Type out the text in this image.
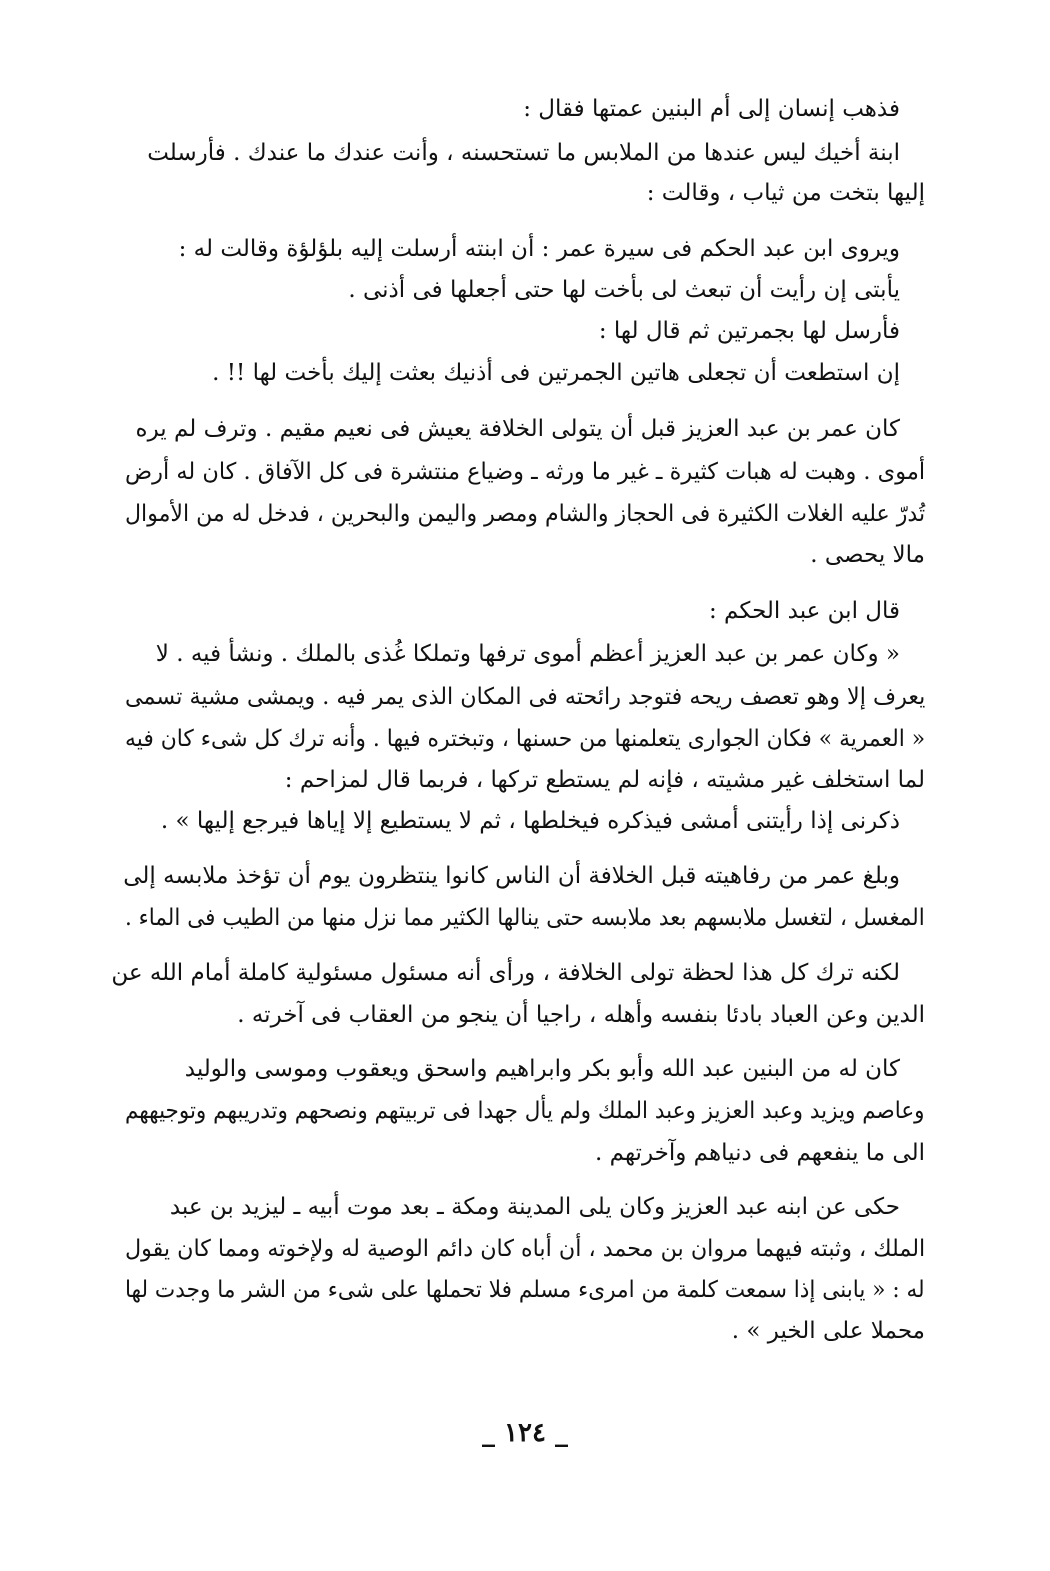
فذهب إنسان إلى أم البنين عمتها فقال :
ابنة أخيك ليس عندها من الملابس ما تستحسنه ، وأنت عندك ما عندك . فأرسلت
إليها بتخت من ثياب ، وقالت :
ويروى ابن عبد الحكم فى سيرة عمر : أن ابنته أرسلت إليه بلؤلؤة وقالت له :
يأبتى إن رأيت أن تبعث لى بأخت لها حتى أجعلها فى أذنى .
فأرسل لها بجمرتين ثم قال لها :
إن استطعت أن تجعلى هاتين الجمرتين فى أذنيك بعثت إليك بأخت لها !! .
كان عمر بن عبد العزيز قبل أن يتولى الخلافة يعيش فى نعيم مقيم . وترف لم يره
أموى . وهبت له هبات كثيرة ـ غير ما ورثه ـ وضياع منتشرة فى كل الآفاق . كان له أرض
تُدرّ عليه الغلات الكثيرة فى الحجاز والشام ومصر واليمن والبحرين ، فدخل له من الأموال
مالا يحصى .
قال ابن عبد الحكم :
« وكان عمر بن عبد العزيز أعظم أموى ترفها وتملكا غُذى بالملك . ونشأ فيه . لا
يعرف إلا وهو تعصف ريحه فتوجد رائحته فى المكان الذى يمر فيه . ويمشى مشية تسمى
« العمرية » فكان الجوارى يتعلمنها من حسنها ، وتبختره فيها . وأنه ترك كل شىء كان فيه
لما استخلف غير مشيته ، فإنه لم يستطع تركها ، فربما قال لمزاحم :
ذكرنى إذا رأيتنى أمشى فيذكره فيخلطها ، ثم لا يستطيع إلا إياها فيرجع إليها » .
وبلغ عمر من رفاهيته قبل الخلافة أن الناس كانوا ينتظرون يوم أن تؤخذ ملابسه إلى
المغسل ، لتغسل ملابسهم بعد ملابسه حتى ينالها الكثير مما نزل منها من الطيب فى الماء .
لكنه ترك كل هذا لحظة تولى الخلافة ، ورأى أنه مسئول مسئولية كاملة أمام الله عن
الدين وعن العباد بادئا بنفسه وأهله ، راجيا أن ينجو من العقاب فى آخرته .
كان له من البنين عبد الله وأبو بكر وابراهيم واسحق ويعقوب وموسى والوليد
وعاصم ويزيد وعبد العزيز وعبد الملك ولم يأل جهدا فى تربيتهم ونصحهم وتدريبهم وتوجيههم
الى ما ينفعهم فى دنياهم وآخرتهم .
حكى عن ابنه عبد العزيز وكان يلى المدينة ومكة ـ بعد موت أبيه ـ ليزيد بن عبد
الملك ، وثبته فيهما مروان بن محمد ، أن أباه كان دائم الوصية له ولإخوته ومما كان يقول
له : « يابنى إذا سمعت كلمة من امرىء مسلم فلا تحملها على شىء من الشر ما وجدت لها
محملا على الخير » .
_ ١٢٤ _
